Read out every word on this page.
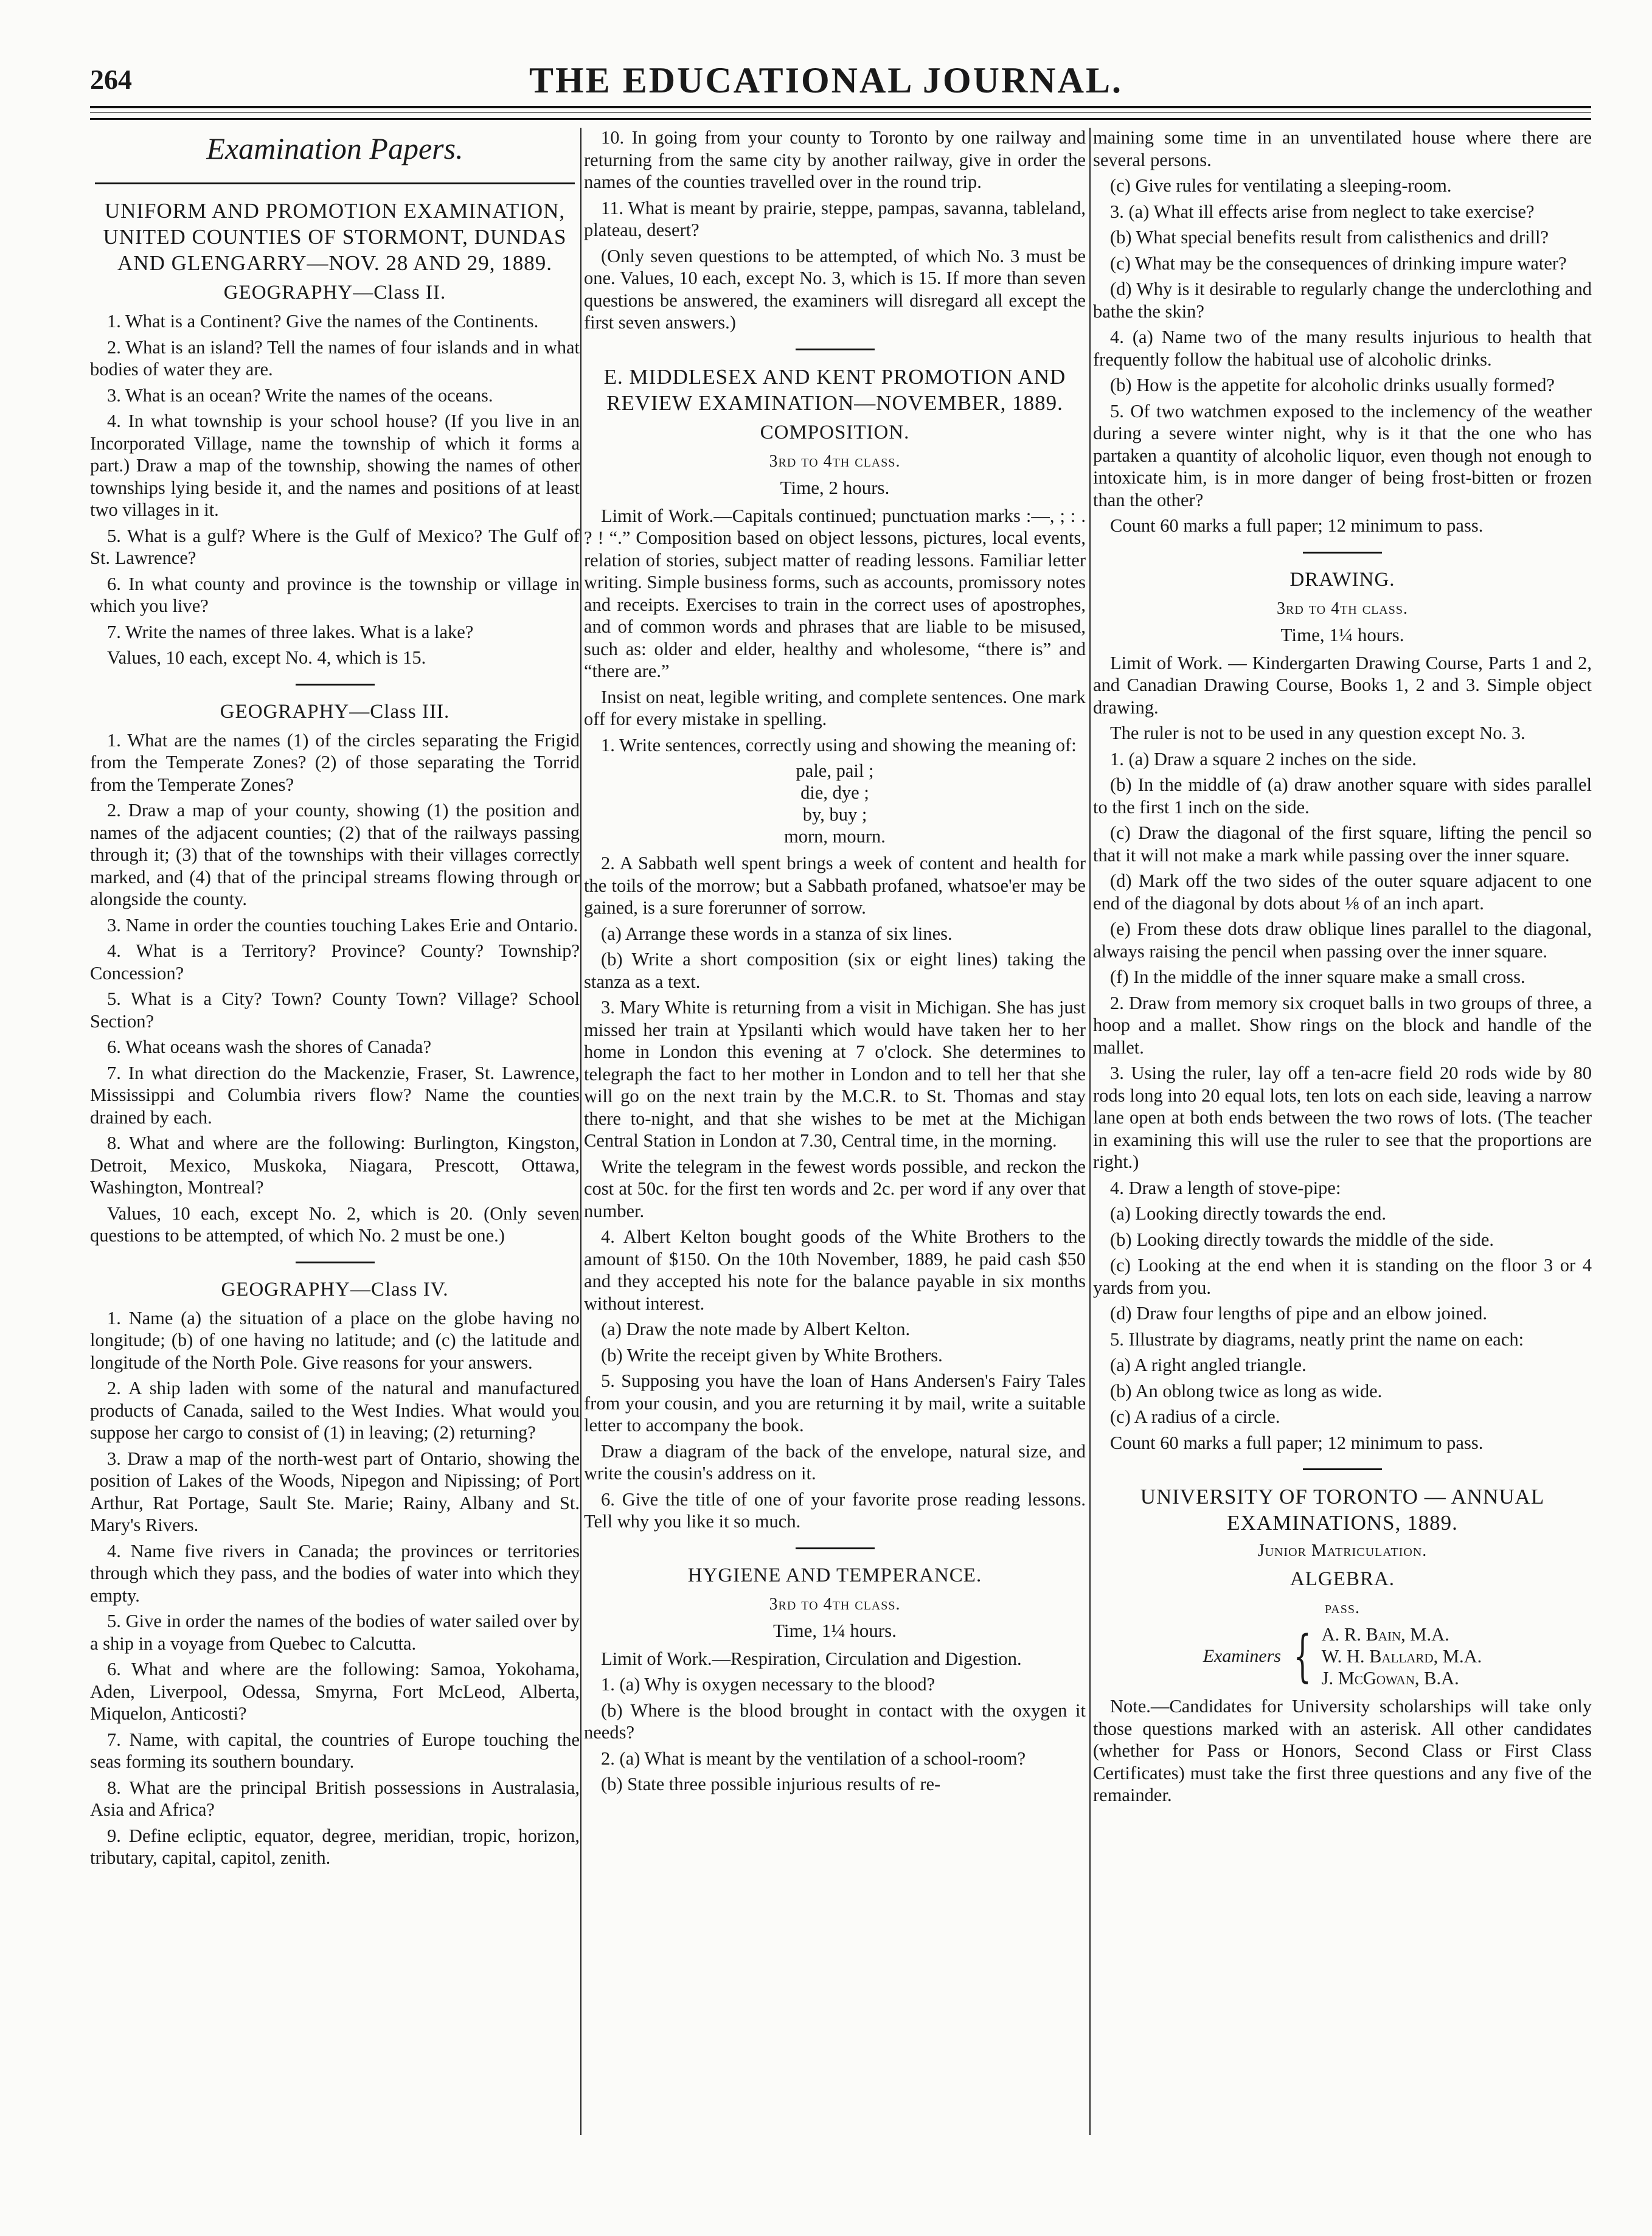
264	THE EDUCATIONAL JOURNAL.
Examination Papers.
UNIFORM AND PROMOTION EXAMINATION, UNITED COUNTIES OF STORMONT, DUNDAS AND GLENGARRY—NOV. 28 AND 29, 1889.
GEOGRAPHY—Class II.
1. What is a Continent? Give the names of the Continents.
2. What is an island? Tell the names of four islands and in what bodies of water they are.
3. What is an ocean? Write the names of the oceans.
4. In what township is your school house? (If you live in an Incorporated Village, name the township of which it forms a part.) Draw a map of the township, showing the names of other townships lying beside it, and the names and positions of at least two villages in it.
5. What is a gulf? Where is the Gulf of Mexico? The Gulf of St. Lawrence?
6. In what county and province is the township or village in which you live?
7. Write the names of three lakes. What is a lake?
Values, 10 each, except No. 4, which is 15.
GEOGRAPHY—Class III.
1. What are the names (1) of the circles separating the Frigid from the Temperate Zones? (2) of those separating the Torrid from the Temperate Zones?
2. Draw a map of your county, showing (1) the position and names of the adjacent counties; (2) that of the railways passing through it; (3) that of the townships with their villages correctly marked, and (4) that of the principal streams flowing through or alongside the county.
3. Name in order the counties touching Lakes Erie and Ontario.
4. What is a Territory? Province? County? Township? Concession?
5. What is a City? Town? County Town? Village? School Section?
6. What oceans wash the shores of Canada?
7. In what direction do the Mackenzie, Fraser, St. Lawrence, Mississippi and Columbia rivers flow? Name the counties drained by each.
8. What and where are the following: Burlington, Kingston, Detroit, Mexico, Muskoka, Niagara, Prescott, Ottawa, Washington, Montreal?
Values, 10 each, except No. 2, which is 20. (Only seven questions to be attempted, of which No. 2 must be one.)
GEOGRAPHY—Class IV.
1. Name (a) the situation of a place on the globe having no longitude; (b) of one having no latitude; and (c) the latitude and longitude of the North Pole. Give reasons for your answers.
2. A ship laden with some of the natural and manufactured products of Canada, sailed to the West Indies. What would you suppose her cargo to consist of (1) in leaving; (2) returning?
3. Draw a map of the north-west part of Ontario, showing the position of Lakes of the Woods, Nipegon and Nipissing; of Port Arthur, Rat Portage, Sault Ste. Marie; Rainy, Albany and St. Mary's Rivers.
4. Name five rivers in Canada; the provinces or territories through which they pass, and the bodies of water into which they empty.
5. Give in order the names of the bodies of water sailed over by a ship in a voyage from Quebec to Calcutta.
6. What and where are the following: Samoa, Yokohama, Aden, Liverpool, Odessa, Smyrna, Fort McLeod, Alberta, Miquelon, Anticosti?
7. Name, with capital, the countries of Europe touching the seas forming its southern boundary.
8. What are the principal British possessions in Australasia, Asia and Africa?
9. Define ecliptic, equator, degree, meridian, tropic, horizon, tributary, capital, capitol, zenith.
10. In going from your county to Toronto by one railway and returning from the same city by another railway, give in order the names of the counties travelled over in the round trip.
11. What is meant by prairie, steppe, pampas, savanna, tableland, plateau, desert?
(Only seven questions to be attempted, of which No. 3 must be one. Values, 10 each, except No. 3, which is 15. If more than seven questions be answered, the examiners will disregard all except the first seven answers.)
E. MIDDLESEX AND KENT PROMOTION AND REVIEW EXAMINATION—NOVEMBER, 1889.
COMPOSITION.
3rd to 4th class.
Time, 2 hours.
Limit of Work.—Capitals continued; punctuation marks :—, ; : . ? ! “.” Composition based on object lessons, pictures, local events, relation of stories, subject matter of reading lessons. Familiar letter writing. Simple business forms, such as accounts, promissory notes and receipts. Exercises to train in the correct uses of apostrophes, and of common words and phrases that are liable to be misused, such as: older and elder, healthy and wholesome, “there is” and “there are.”
Insist on neat, legible writing, and complete sentences. One mark off for every mistake in spelling.
1. Write sentences, correctly using and showing the meaning of:
pale, pail ;
die, dye ;
by, buy ;
morn, mourn.
2. A Sabbath well spent brings a week of content and health for the toils of the morrow; but a Sabbath profaned, whatsoe'er may be gained, is a sure forerunner of sorrow.
(a) Arrange these words in a stanza of six lines.
(b) Write a short composition (six or eight lines) taking the stanza as a text.
3. Mary White is returning from a visit in Michigan. She has just missed her train at Ypsilanti which would have taken her to her home in London this evening at 7 o'clock. She determines to telegraph the fact to her mother in London and to tell her that she will go on the next train by the M.C.R. to St. Thomas and stay there to-night, and that she wishes to be met at the Michigan Central Station in London at 7.30, Central time, in the morning.
Write the telegram in the fewest words possible, and reckon the cost at 50c. for the first ten words and 2c. per word if any over that number.
4. Albert Kelton bought goods of the White Brothers to the amount of $150. On the 10th November, 1889, he paid cash $50 and they accepted his note for the balance payable in six months without interest.
(a) Draw the note made by Albert Kelton.
(b) Write the receipt given by White Brothers.
5. Supposing you have the loan of Hans Andersen's Fairy Tales from your cousin, and you are returning it by mail, write a suitable letter to accompany the book.
Draw a diagram of the back of the envelope, natural size, and write the cousin's address on it.
6. Give the title of one of your favorite prose reading lessons. Tell why you like it so much.
HYGIENE AND TEMPERANCE.
3rd to 4th class.
Time, 1¼ hours.
Limit of Work.—Respiration, Circulation and Digestion.
1. (a) Why is oxygen necessary to the blood?
(b) Where is the blood brought in contact with the oxygen it needs?
2. (a) What is meant by the ventilation of a school-room?
(b) State three possible injurious results of re-
maining some time in an unventilated house where there are several persons.
(c) Give rules for ventilating a sleeping-room.
3. (a) What ill effects arise from neglect to take exercise?
(b) What special benefits result from calisthenics and drill?
(c) What may be the consequences of drinking impure water?
(d) Why is it desirable to regularly change the underclothing and bathe the skin?
4. (a) Name two of the many results injurious to health that frequently follow the habitual use of alcoholic drinks.
(b) How is the appetite for alcoholic drinks usually formed?
5. Of two watchmen exposed to the inclemency of the weather during a severe winter night, why is it that the one who has partaken a quantity of alcoholic liquor, even though not enough to intoxicate him, is in more danger of being frost-bitten or frozen than the other?
Count 60 marks a full paper; 12 minimum to pass.
DRAWING.
3rd to 4th class.
Time, 1¼ hours.
Limit of Work. — Kindergarten Drawing Course, Parts 1 and 2, and Canadian Drawing Course, Books 1, 2 and 3. Simple object drawing.
The ruler is not to be used in any question except No. 3.
1. (a) Draw a square 2 inches on the side.
(b) In the middle of (a) draw another square with sides parallel to the first 1 inch on the side.
(c) Draw the diagonal of the first square, lifting the pencil so that it will not make a mark while passing over the inner square.
(d) Mark off the two sides of the outer square adjacent to one end of the diagonal by dots about ⅛ of an inch apart.
(e) From these dots draw oblique lines parallel to the diagonal, always raising the pencil when passing over the inner square.
(f) In the middle of the inner square make a small cross.
2. Draw from memory six croquet balls in two groups of three, a hoop and a mallet. Show rings on the block and handle of the mallet.
3. Using the ruler, lay off a ten-acre field 20 rods wide by 80 rods long into 20 equal lots, ten lots on each side, leaving a narrow lane open at both ends between the two rows of lots. (The teacher in examining this will use the ruler to see that the proportions are right.)
4. Draw a length of stove-pipe:
(a) Looking directly towards the end.
(b) Looking directly towards the middle of the side.
(c) Looking at the end when it is standing on the floor 3 or 4 yards from you.
(d) Draw four lengths of pipe and an elbow joined.
5. Illustrate by diagrams, neatly print the name on each:
(a) A right angled triangle.
(b) An oblong twice as long as wide.
(c) A radius of a circle.
Count 60 marks a full paper; 12 minimum to pass.
UNIVERSITY OF TORONTO — ANNUAL EXAMINATIONS, 1889.
Junior Matriculation.
ALGEBRA.
pass.
Examiners { A. R. Bain, M.A.
W. H. Ballard, M.A.
J. McGowan, B.A.
Note.—Candidates for University scholarships will take only those questions marked with an asterisk. All other candidates (whether for Pass or Honors, Second Class or First Class Certificates) must take the first three questions and any five of the remainder.
